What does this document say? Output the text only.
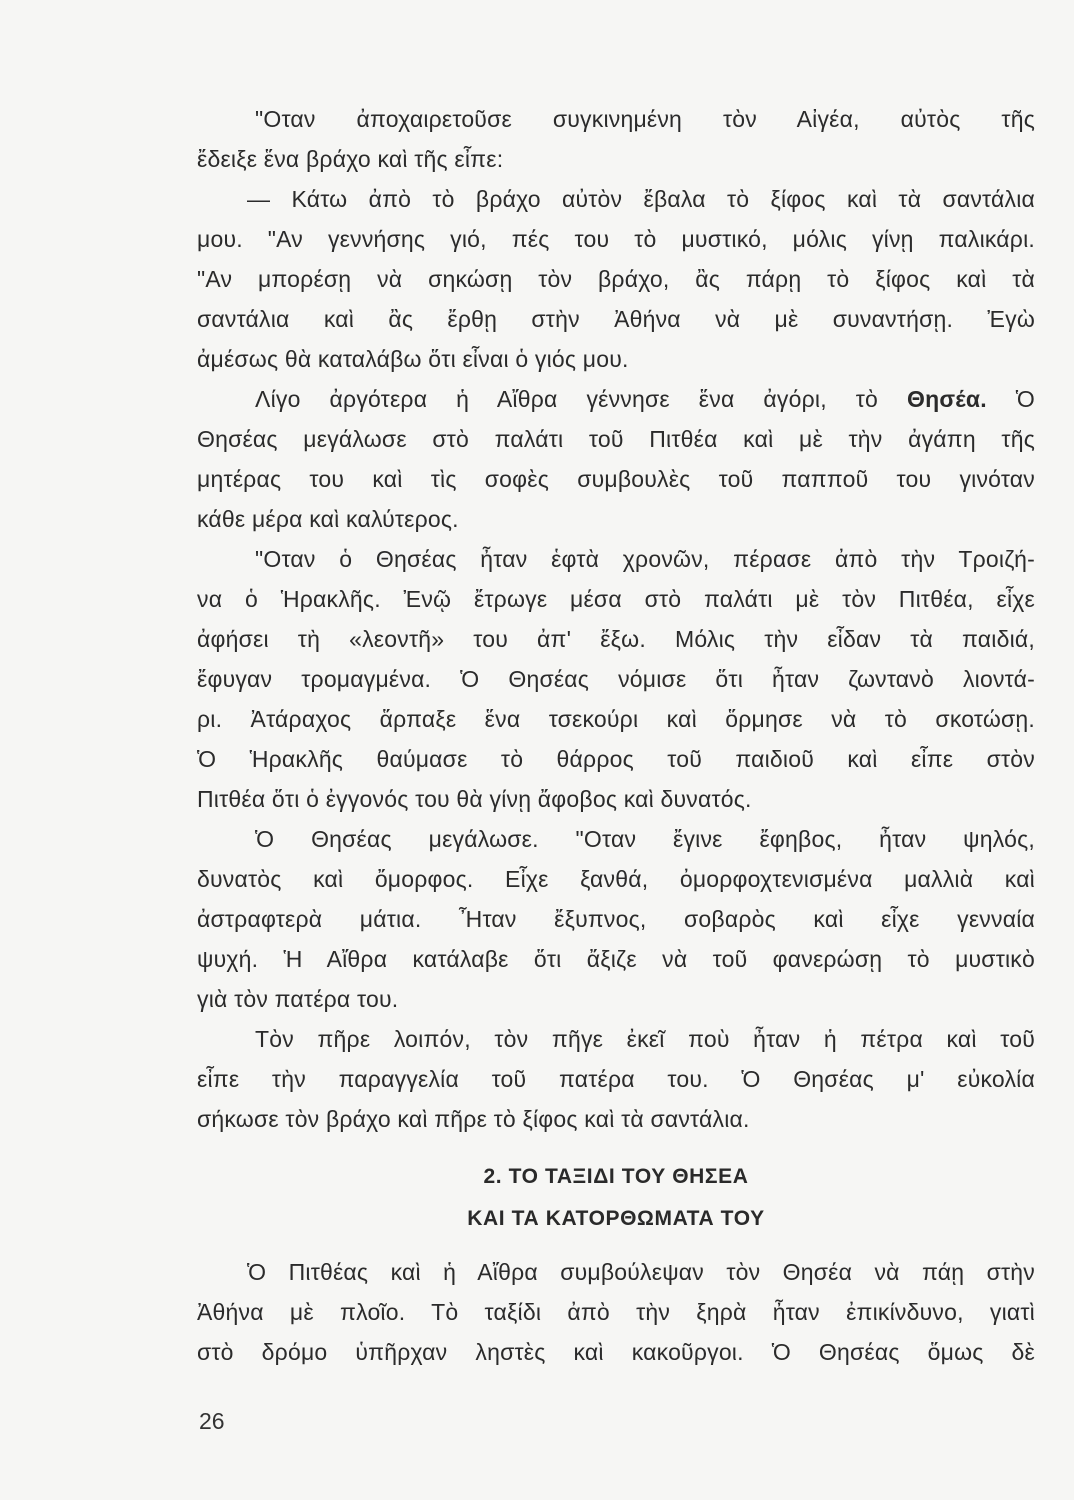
"Οταν ἀποχαιρετοῦσε συγκινημένη τὸν Αἰγέα, αὐτὸς τῆς
ἔδειξε ἕνα βράχο καὶ τῆς εἶπε:
— Κάτω ἀπὸ τὸ βράχο αὐτὸν ἔβαλα τὸ ξίφος καὶ τὰ σαντάλια
μου. "Αν γεννήσης γιό, πές του τὸ μυστικό, μόλις γίνῃ παλικάρι.
"Αν μπορέσῃ νὰ σηκώσῃ τὸν βράχο, ἂς πάρῃ τὸ ξίφος καὶ τὰ
σαντάλια καὶ ἂς ἔρθῃ στὴν Ἀθήνα νὰ μὲ συναντήσῃ. Ἐγὼ
ἀμέσως θὰ καταλάβω ὅτι εἶναι ὁ γιός μου.
Λίγο ἀργότερα ἡ Αἴθρα γέννησε ἕνα ἀγόρι, τὸ Θησέα. Ὁ
Θησέας μεγάλωσε στὸ παλάτι τοῦ Πιτθέα καὶ μὲ τὴν ἀγάπη τῆς
μητέρας του καὶ τὶς σοφὲς συμβουλὲς τοῦ παπποῦ του γινόταν
κάθε μέρα καὶ καλύτερος.
"Οταν ὁ Θησέας ἦταν ἑφτὰ χρονῶν, πέρασε ἀπὸ τὴν Τροιζή-
να ὁ Ἡρακλῆς. Ἐνῷ ἔτρωγε μέσα στὸ παλάτι μὲ τὸν Πιτθέα, εἶχε
ἀφήσει τὴ «λεοντῆ» του ἀπ' ἔξω. Μόλις τὴν εἶδαν τὰ παιδιά,
ἔφυγαν τρομαγμένα. Ὁ Θησέας νόμισε ὅτι ἦταν ζωντανὸ λιοντά-
ρι. Ἀτάραχος ἅρπαξε ἕνα τσεκούρι καὶ ὅρμησε νὰ τὸ σκοτώσῃ.
Ὁ Ἡρακλῆς θαύμασε τὸ θάρρος τοῦ παιδιοῦ καὶ εἶπε στὸν
Πιτθέα ὅτι ὁ ἐγγονός του θὰ γίνῃ ἄφοβος καὶ δυνατός.
Ὁ Θησέας μεγάλωσε. "Οταν ἔγινε ἔφηβος, ἦταν ψηλός,
δυνατὸς καὶ ὄμορφος. Εἶχε ξανθά, ὀμορφοχτενισμένα μαλλιὰ καὶ
ἀστραφτερὰ μάτια. Ἦταν ἔξυπνος, σοβαρὸς καὶ εἶχε γενναία
ψυχή. Ἡ Αἴθρα κατάλαβε ὅτι ἄξιζε νὰ τοῦ φανερώσῃ τὸ μυστικὸ
γιὰ τὸν πατέρα του.
Τὸν πῆρε λοιπόν, τὸν πῆγε ἐκεῖ ποὺ ἦταν ἡ πέτρα καὶ τοῦ
εἶπε τὴν παραγγελία τοῦ πατέρα του. Ὁ Θησέας μ' εὐκολία
σήκωσε τὸν βράχο καὶ πῆρε τὸ ξίφος καὶ τὰ σαντάλια.
2. ΤΟ ΤΑΞΙΔΙ ΤΟΥ ΘΗΣΕΑ
ΚΑΙ ΤΑ ΚΑΤΟΡΘΩΜΑΤΑ ΤΟΥ
Ὁ Πιτθέας καὶ ἡ Αἴθρα συμβούλεψαν τὸν Θησέα νὰ πάῃ στὴν
Ἀθήνα μὲ πλοῖο. Τὸ ταξίδι ἀπὸ τὴν ξηρὰ ἦταν ἐπικίνδυνο, γιατὶ
στὸ δρόμο ὑπῆρχαν ληστὲς καὶ κακοῦργοι. Ὁ Θησέας ὅμως δὲ
26
